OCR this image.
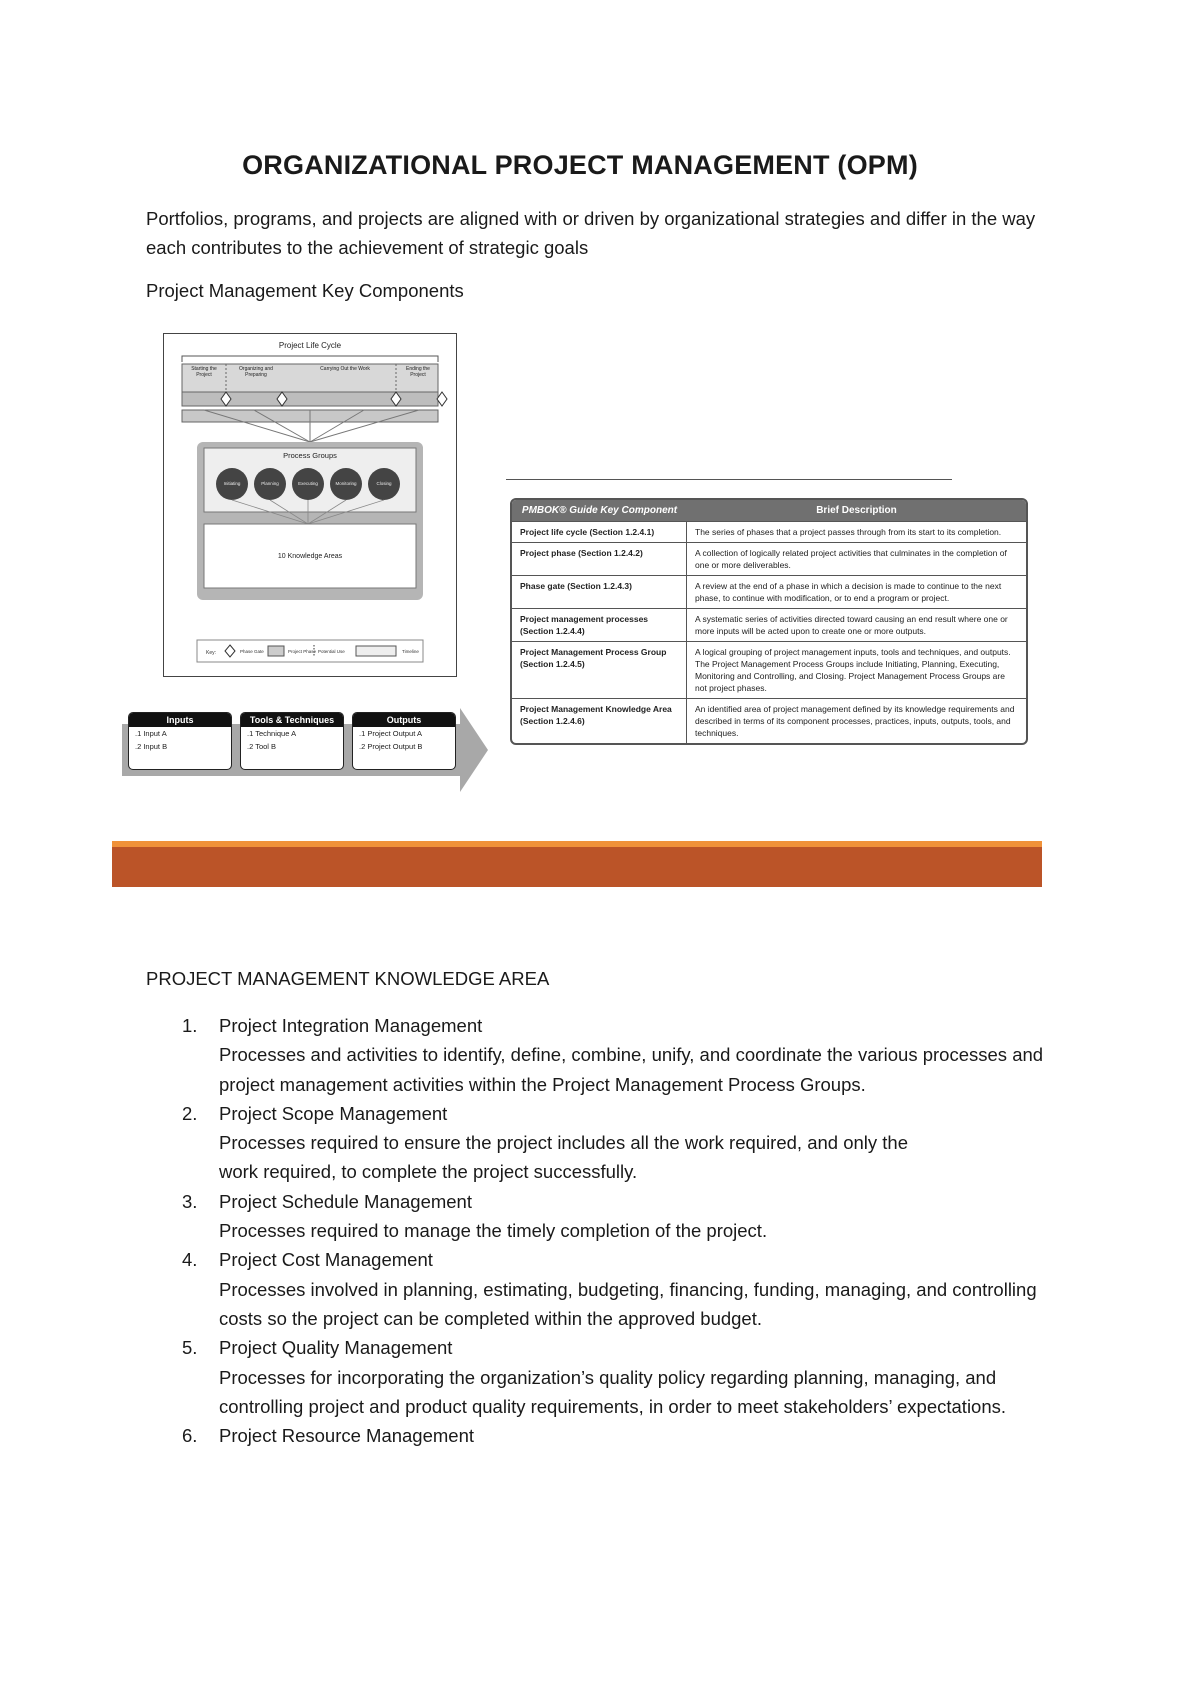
ORGANIZATIONAL PROJECT MANAGEMENT (OPM)
Portfolios, programs, and projects are aligned with or driven by organizational strategies and differ in the way each contributes to the achievement of strategic goals
Project Management Key Components
Project Life Cycle
Process Groups
Initiating	Planning	Executing	Monitoring	Closing
10 Knowledge Areas
Key:	Phase Gate	Project Phase Potential Use	Timeline
Starting the Project
Organizing and Preparing
Carrying Out the Work	Ending the Project
Inputs
.1 Input A
.2 Input B
Tools & Techniques
.1 Technique A
.2 Tool B
Outputs
.1 Project Output A
.2 Project Output B
PMBOK® Guide Key Component	Brief Description
Project life cycle (Section 1.2.4.1)	The series of phases that a project passes through from its start to its completion.
Project phase (Section 1.2.4.2)	A collection of logically related project activities that culminates in the completion of one or more deliverables.
Phase gate (Section 1.2.4.3)	A review at the end of a phase in which a decision is made to continue to the next phase, to continue with modification, or to end a program or project.
Project management processes (Section 1.2.4.4)	A systematic series of activities directed toward causing an end result where one or more inputs will be acted upon to create one or more outputs.
Project Management Process Group (Section 1.2.4.5)	A logical grouping of project management inputs, tools and techniques, and outputs. The Project Management Process Groups include Initiating, Planning, Executing, Monitoring and Controlling, and Closing. Project Management Process Groups are not project phases.
Project Management Knowledge Area (Section 1.2.4.6)	An identified area of project management defined by its knowledge requirements and described in terms of its component processes, practices, inputs, outputs, tools, and techniques.
PROJECT MANAGEMENT KNOWLEDGE AREA
1. Project Integration Management
Processes and activities to identify, define, combine, unify, and coordinate the various processes and project management activities within the Project Management Process Groups.
2. Project Scope Management
Processes required to ensure the project includes all the work required, and only the work required, to complete the project successfully.
3. Project Schedule Management
Processes required to manage the timely completion of the project.
4. Project Cost Management
Processes involved in planning, estimating, budgeting, financing, funding, managing, and controlling costs so the project can be completed within the approved budget.
5. Project Quality Management
Processes for incorporating the organization’s quality policy regarding planning, managing, and controlling project and product quality requirements, in order to meet stakeholders’ expectations.
6. Project Resource Management
